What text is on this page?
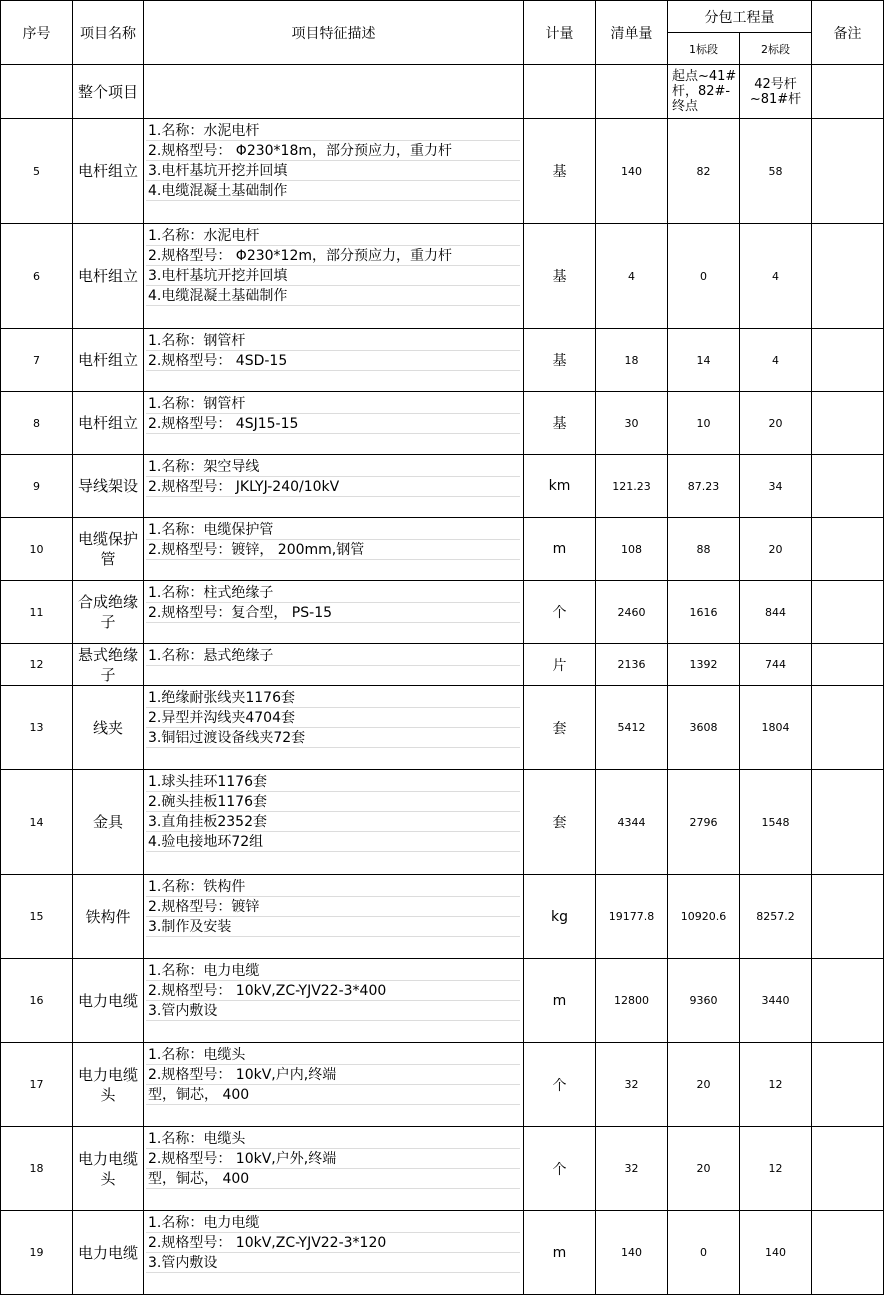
序号	项目名称	项目特征描述	计量	清单量	分包工程量		备注
					1标段	2标段	
	整个项目				起点~41#杆，82#-终点	42号杆~81#杆	

5	电杆组立	1.名称：水泥电杆
2.规格型号： Φ230*18m，部分预应力，重力杆
3.电杆基坑开挖并回填
4.电缆混凝土基础制作	基	140	82	58	
6	电杆组立	1.名称：水泥电杆
2.规格型号： Φ230*12m，部分预应力，重力杆
3.电杆基坑开挖并回填
4.电缆混凝土基础制作	基	4	0	4	
7	电杆组立	1.名称：钢管杆
2.规格型号： 4SD-15	基	18	14	4	
8	电杆组立	1.名称：钢管杆
2.规格型号： 4SJ15-15	基	30	10	20	
9	导线架设	1.名称：架空导线
2.规格型号： JKLYJ-240/10kV	km	121.23	87.23	34	
10	电缆保护管	1.名称：电缆保护管
2.规格型号：镀锌， 200mm,钢管	m	108	88	20	
11	合成绝缘子	1.名称：柱式绝缘子
2.规格型号：复合型， PS-15	个	2460	1616	844	
12	悬式绝缘子	1.名称：悬式绝缘子	片	2136	1392	744	
13	线夹	1.绝缘耐张线夹1176套
2.异型并沟线夹4704套
3.铜铝过渡设备线夹72套	套	5412	3608	1804	
14	金具	1.球头挂环1176套
2.碗头挂板1176套
3.直角挂板2352套
4.验电接地环72组	套	4344	2796	1548	
15	铁构件	1.名称：铁构件
2.规格型号：镀锌
3.制作及安装	kg	19177.8	10920.6	8257.2	
16	电力电缆	1.名称：电力电缆
2.规格型号： 10kV,ZC-YJV22-3*400
3.管内敷设	m	12800	9360	3440	
17	电力电缆头	1.名称：电缆头
2.规格型号： 10kV,户内,终端
型，铜芯， 400	个	32	20	12	
18	电力电缆头	1.名称：电缆头
2.规格型号： 10kV,户外,终端
型，铜芯， 400	个	32	20	12	
19	电力电缆	1.名称：电力电缆
2.规格型号： 10kV,ZC-YJV22-3*120
3.管内敷设	m	140	0	140	
